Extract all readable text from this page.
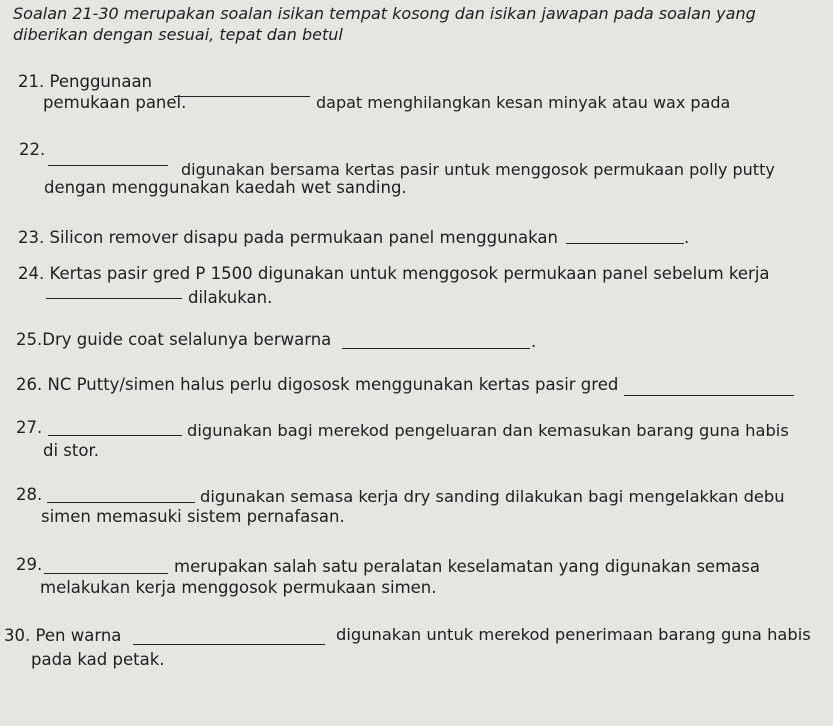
Soalan 21-30 merupakan soalan isikan tempat kosong dan isikan jawapan pada soalan yang
diberikan dengan sesuai, tepat dan betul
21. Penggunaan
dapat menghilangkan kesan minyak atau wax pada
pemukaan panel.
22.
digunakan bersama kertas pasir untuk menggosok permukaan polly putty
dengan menggunakan kaedah wet sanding.
23. Silicon remover disapu pada permukaan panel menggunakan	.
24. Kertas pasir gred P 1500 digunakan untuk menggosok permukaan panel sebelum kerja
dilakukan.
25.Dry guide coat selalunya berwarna	.
26. NC Putty/simen halus perlu digososk menggunakan kertas pasir gred
27.	digunakan bagi merekod pengeluaran dan kemasukan barang guna habis
di stor.
28.	digunakan semasa kerja dry sanding dilakukan bagi mengelakkan debu
simen memasuki sistem pernafasan.
29.	merupakan salah satu peralatan keselamatan yang digunakan semasa
melakukan kerja menggosok permukaan simen.
30. Pen warna	digunakan untuk merekod penerimaan barang guna habis
pada kad petak.
